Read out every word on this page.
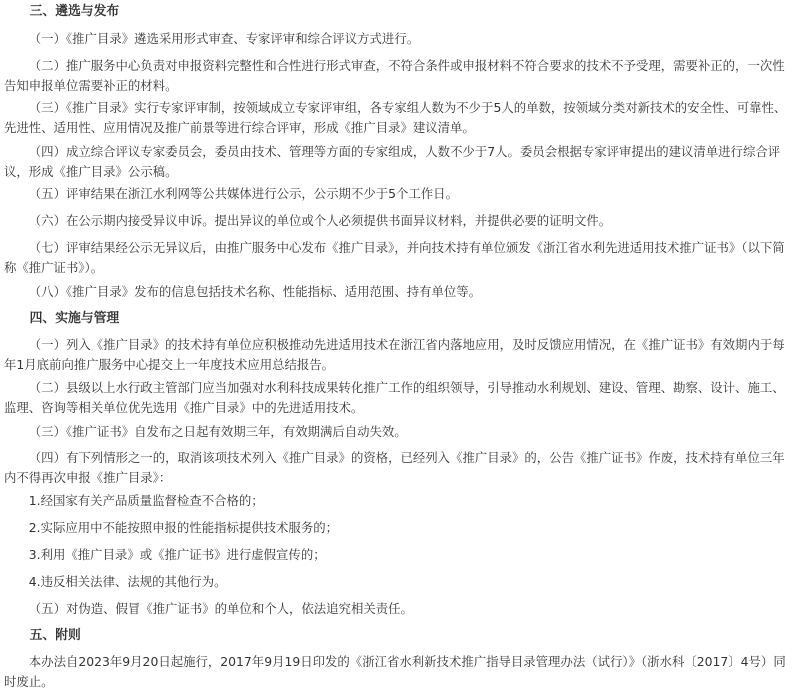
三、遴选与发布

（一）《推广目录》遴选采用形式审查、专家评审和综合评议方式进行。

（二）推广服务中心负责对申报资料完整性和合性进行形式审查，不符合条件或申报材料不符合要求的技术不予受理，需要补正的，一次性告知申报单位需要补正的材料。

（三）《推广目录》实行专家评审制，按领域成立专家评审组，各专家组人数为不少于5人的单数，按领域分类对新技术的安全性、可靠性、先进性、适用性、应用情况及推广前景等进行综合评审，形成《推广目录》建议清单。

（四）成立综合评议专家委员会，委员由技术、管理等方面的专家组成，人数不少于7人。委员会根据专家评审提出的建议清单进行综合评议，形成《推广目录》公示稿。

（五）评审结果在浙江水利网等公共媒体进行公示，公示期不少于5个工作日。

（六）在公示期内接受异议申诉。提出异议的单位或个人必须提供书面异议材料，并提供必要的证明文件。

（七）评审结果经公示无异议后，由推广服务中心发布《推广目录》，并向技术持有单位颁发《浙江省水利先进适用技术推广证书》（以下简称《推广证书》）。

（八）《推广目录》发布的信息包括技术名称、性能指标、适用范围、持有单位等。

四、实施与管理

（一）列入《推广目录》的技术持有单位应积极推动先进适用技术在浙江省内落地应用，及时反馈应用情况，在《推广证书》有效期内于每年1月底前向推广服务中心提交上一年度技术应用总结报告。

（二）县级以上水行政主管部门应当加强对水利科技成果转化推广工作的组织领导，引导推动水利规划、建设、管理、勘察、设计、施工、监理、咨询等相关单位优先选用《推广目录》中的先进适用技术。

（三）《推广证书》自发布之日起有效期三年，有效期满后自动失效。

（四）有下列情形之一的，取消该项技术列入《推广目录》的资格，已经列入《推广目录》的，公告《推广证书》作废，技术持有单位三年内不得再次申报《推广目录》：

1.经国家有关产品质量监督检查不合格的；

2.实际应用中不能按照申报的性能指标提供技术服务的；

3.利用《推广目录》或《推广证书》进行虚假宣传的；

4.违反相关法律、法规的其他行为。

（五）对伪造、假冒《推广证书》的单位和个人，依法追究相关责任。

五、附则

本办法自2023年9月20日起施行，2017年9月19日印发的《浙江省水利新技术推广指导目录管理办法（试行）》（浙水科〔2017〕4号）同时废止。
